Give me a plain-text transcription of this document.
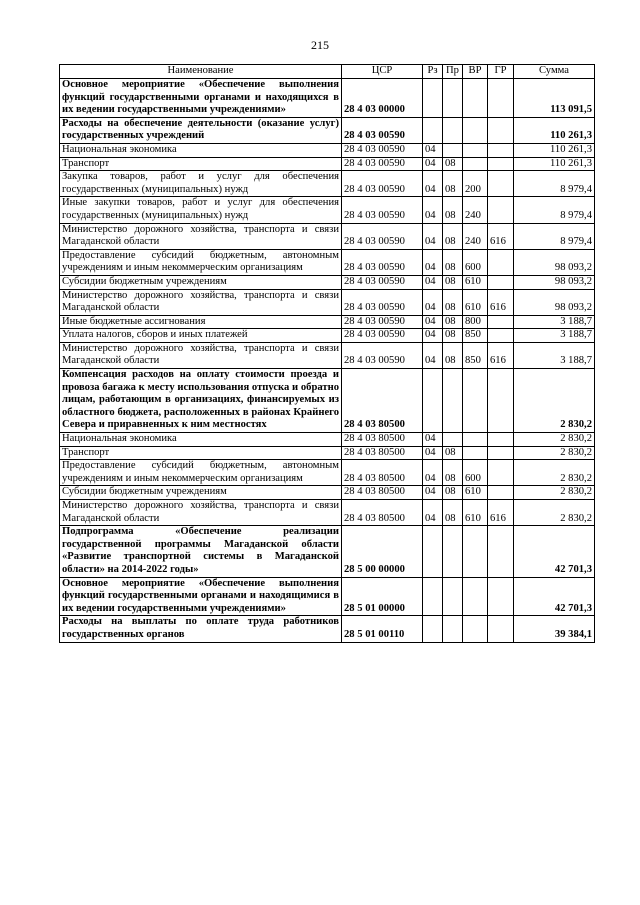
215
Наименование	ЦСР	Рз	Пр	ВР	ГР	Сумма
Основное мероприятие «Обеспечение выполнения функций государственными органами и находящихся в их ведении государственными учреждениями»	28 4 03 00000					113 091,5
Расходы на обеспечение деятельности (оказание услуг) государственных учреждений	28 4 03 00590					110 261,3
Национальная экономика	28 4 03 00590	04				110 261,3
Транспорт	28 4 03 00590	04	08			110 261,3
Закупка товаров, работ и услуг для обеспечения государственных (муниципальных) нужд	28 4 03 00590	04	08	200		8 979,4
Иные закупки товаров, работ и услуг для обеспечения государственных (муниципальных) нужд	28 4 03 00590	04	08	240		8 979,4
Министерство дорожного хозяйства, транспорта и связи Магаданской области	28 4 03 00590	04	08	240	616	8 979,4
Предоставление субсидий бюджетным, автономным учреждениям и иным некоммерческим организациям	28 4 03 00590	04	08	600		98 093,2
Субсидии бюджетным учреждениям	28 4 03 00590	04	08	610		98 093,2
Министерство дорожного хозяйства, транспорта и связи Магаданской области	28 4 03 00590	04	08	610	616	98 093,2
Иные бюджетные ассигнования	28 4 03 00590	04	08	800		3 188,7
Уплата налогов, сборов и иных платежей	28 4 03 00590	04	08	850		3 188,7
Министерство дорожного хозяйства, транспорта и связи Магаданской области	28 4 03 00590	04	08	850	616	3 188,7
Компенсация расходов на оплату стоимости проезда и провоза багажа к месту использования отпуска и обратно лицам, работающим в организациях, финансируемых из областного бюджета, расположенных в районах Крайнего Севера и приравненных к ним местностях	28 4 03 80500					2 830,2
Национальная экономика	28 4 03 80500	04				2 830,2
Транспорт	28 4 03 80500	04	08			2 830,2
Предоставление субсидий бюджетным, автономным учреждениям и иным некоммерческим организациям	28 4 03 80500	04	08	600		2 830,2
Субсидии бюджетным учреждениям	28 4 03 80500	04	08	610		2 830,2
Министерство дорожного хозяйства, транспорта и связи Магаданской области	28 4 03 80500	04	08	610	616	2 830,2
Подпрограмма «Обеспечение реализации государственной программы Магаданской области «Развитие транспортной системы в Магаданской области» на 2014-2022 годы»	28 5 00 00000					42 701,3
Основное мероприятие «Обеспечение выполнения функций государственными органами и находящимися в их ведении государственными учреждениями»	28 5 01 00000					42 701,3
Расходы на выплаты по оплате труда работников государственных органов	28 5 01 00110					39 384,1
